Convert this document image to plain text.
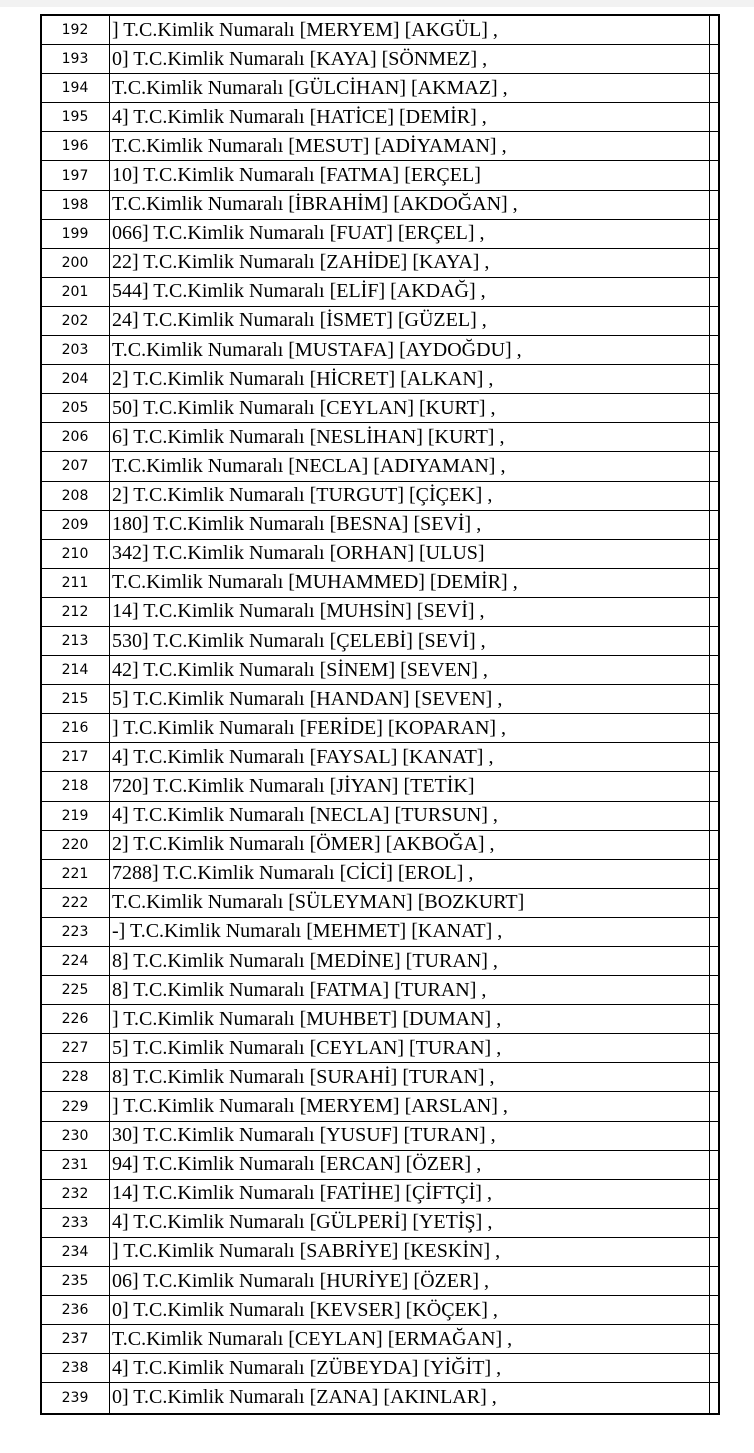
192	] T.C.Kimlik Numaralı [MERYEM] [AKGÜL] ,
193	0] T.C.Kimlik Numaralı [KAYA] [SÖNMEZ] ,
194	T.C.Kimlik Numaralı [GÜLCİHAN] [AKMAZ] ,
195	4] T.C.Kimlik Numaralı [HATİCE] [DEMİR] ,
196	T.C.Kimlik Numaralı [MESUT] [ADİYAMAN] ,
197	10] T.C.Kimlik Numaralı [FATMA] [ERÇEL]
198	T.C.Kimlik Numaralı [İBRAHİM] [AKDOĞAN] ,
199	066] T.C.Kimlik Numaralı [FUAT] [ERÇEL] ,
200	22] T.C.Kimlik Numaralı [ZAHİDE] [KAYA] ,
201	544] T.C.Kimlik Numaralı [ELİF] [AKDAĞ] ,
202	24] T.C.Kimlik Numaralı [İSMET] [GÜZEL] ,
203	T.C.Kimlik Numaralı [MUSTAFA] [AYDOĞDU] ,
204	2] T.C.Kimlik Numaralı [HİCRET] [ALKAN] ,
205	50] T.C.Kimlik Numaralı [CEYLAN] [KURT] ,
206	6] T.C.Kimlik Numaralı [NESLİHAN] [KURT] ,
207	T.C.Kimlik Numaralı [NECLA] [ADIYAMAN] ,
208	2] T.C.Kimlik Numaralı [TURGUT] [ÇİÇEK] ,
209	180] T.C.Kimlik Numaralı [BESNA] [SEVİ] ,
210	342] T.C.Kimlik Numaralı [ORHAN] [ULUS]
211	T.C.Kimlik Numaralı [MUHAMMED] [DEMİR] ,
212	14] T.C.Kimlik Numaralı [MUHSİN] [SEVİ] ,
213	530] T.C.Kimlik Numaralı [ÇELEBİ] [SEVİ] ,
214	42] T.C.Kimlik Numaralı [SİNEM] [SEVEN] ,
215	5] T.C.Kimlik Numaralı [HANDAN] [SEVEN] ,
216	] T.C.Kimlik Numaralı [FERİDE] [KOPARAN] ,
217	4] T.C.Kimlik Numaralı [FAYSAL] [KANAT] ,
218	720] T.C.Kimlik Numaralı [JİYAN] [TETİK]
219	4] T.C.Kimlik Numaralı [NECLA] [TURSUN] ,
220	2] T.C.Kimlik Numaralı [ÖMER] [AKBOĞA] ,
221	7288] T.C.Kimlik Numaralı [CİCİ] [EROL] ,
222	T.C.Kimlik Numaralı [SÜLEYMAN] [BOZKURT]
223	-] T.C.Kimlik Numaralı [MEHMET] [KANAT] ,
224	8] T.C.Kimlik Numaralı [MEDİNE] [TURAN] ,
225	8] T.C.Kimlik Numaralı [FATMA] [TURAN] ,
226	] T.C.Kimlik Numaralı [MUHBET] [DUMAN] ,
227	5] T.C.Kimlik Numaralı [CEYLAN] [TURAN] ,
228	8] T.C.Kimlik Numaralı [SURAHİ] [TURAN] ,
229	] T.C.Kimlik Numaralı [MERYEM] [ARSLAN] ,
230	30] T.C.Kimlik Numaralı [YUSUF] [TURAN] ,
231	94] T.C.Kimlik Numaralı [ERCAN] [ÖZER] ,
232	14] T.C.Kimlik Numaralı [FATİHE] [ÇİFTÇİ] ,
233	4] T.C.Kimlik Numaralı [GÜLPERİ] [YETİŞ] ,
234	] T.C.Kimlik Numaralı [SABRİYE] [KESKİN] ,
235	06] T.C.Kimlik Numaralı [HURİYE] [ÖZER] ,
236	0] T.C.Kimlik Numaralı [KEVSER] [KÖÇEK] ,
237	T.C.Kimlik Numaralı [CEYLAN] [ERMAĞAN] ,
238	4] T.C.Kimlik Numaralı [ZÜBEYDA] [YİĞİT] ,
239	0] T.C.Kimlik Numaralı [ZANA] [AKINLAR] ,
